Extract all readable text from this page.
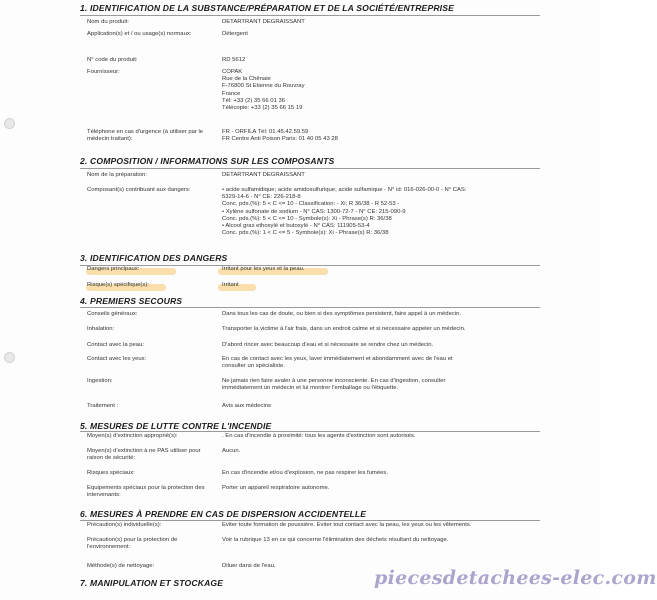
1. IDENTIFICATION DE LA SUBSTANCE/PRÉPARATION ET DE LA SOCIÉTÉ/ENTREPRISE
Nom du produit:	DETARTRANT DEGRAISSANT
Application(s) et / ou usage(s) normaux:	Détergent
N° code du produit:	RD 5612
Fournisseur:	COPAK
Rue de la Chênaie
F-76800 St Etienne du Rouvray
France
Tél: +33 (2) 35 66 01 36
Télécopie: +33 (2) 35 66 15 19
Téléphone en cas d'urgence (à utiliser par le médecin traitant):
FR - ORFILA Tél: 01.45.42.59.59
FR Centre Anti Poison Paris: 01 40 05 43 28
2. COMPOSITION / INFORMATIONS SUR LES COMPOSANTS
Nom de la préparation:	DETARTRANT DEGRAISSANT
Composant(s) contribuant aux dangers:	• acide sulfamidique; acide amidosulfurique; acide sulfamique - N° id: 016-026-00-0 - N° CAS:
5329-14-6 - N° CE: 226-218-8
Conc. pds.(%): 5 < C <= 10 - Classification: - Xi; R 36/38 - R 52-53 -
• Xylène sulfonate de sodium - N° CAS: 1300-72-7 - N° CE: 215-090-9
Conc. pds.(%): 5 < C <= 10 - Symbole(s): Xi - Phrase(s) R: 36/38
• Alcool gras ethoxylé et butoxylé - N° CAS: 111905-53-4
Conc. pds.(%): 1 < C <= 5 - Symbole(s): Xi - Phrase(s) R: 36/38
3. IDENTIFICATION DES DANGERS
Dangers principaux:	Irritant pour les yeux et la peau.
Risque(s) spécifique(s):	Irritant
4. PREMIERS SECOURS
Conseils généraux:	Dans tous les cas de doute, ou bien si des symptômes persistent, faire appel à un médecin.
Inhalation:	Transporter la victime à l'air frais, dans un endroit calme et si nécessaire appeler un médecin.
Contact avec la peau:	D'abord rincer avec beaucoup d'eau et si nécessaire se rendre chez un médecin.
Contact avec les yeux:	En cas de contact avec les yeux, laver immédiatement et abondamment avec de l'eau et
consulter un spécialiste.
Ingestion:	Ne jamais rien faire avaler à une personne inconsciente. En cas d'ingestion, consulter
immédiatement un médecin et lui montrer l'emballage ou l'étiquette.
Traitement :	Avis aux médecins
5. MESURES DE LUTTE CONTRE L'INCENDIE
Moyen(s) d'extinction approprié(s):	. En cas d'incendie à proximité: tous les agents d'extinction sont autorisés.
Moyen(s) d'extinction à ne PAS utiliser pour raison de sécurité:
Aucun.
Risques spéciaux:	En cas d'incendie et/ou d'explosion, ne pas respirer les fumées.
Equipements spéciaux pour la protection des intervenants:
Porter un appareil respiratoire autonome.
6. MESURES À PRENDRE EN CAS DE DISPERSION ACCIDENTELLE
Précaution(s) individuelle(s):	Eviter toute formation de poussière. Eviter tout contact avec la peau, les yeux ou les vêtements.
Précaution(s) pour la protection de l'environnement:
Voir la rubrique 13 en ce qui concerne l'élimination des déchets résultant du nettoyage.
Méthode(s) de nettoyage:	Diluer dans de l'eau.
7. MANIPULATION ET STOCKAGE	piecesdetachees-elec.com
